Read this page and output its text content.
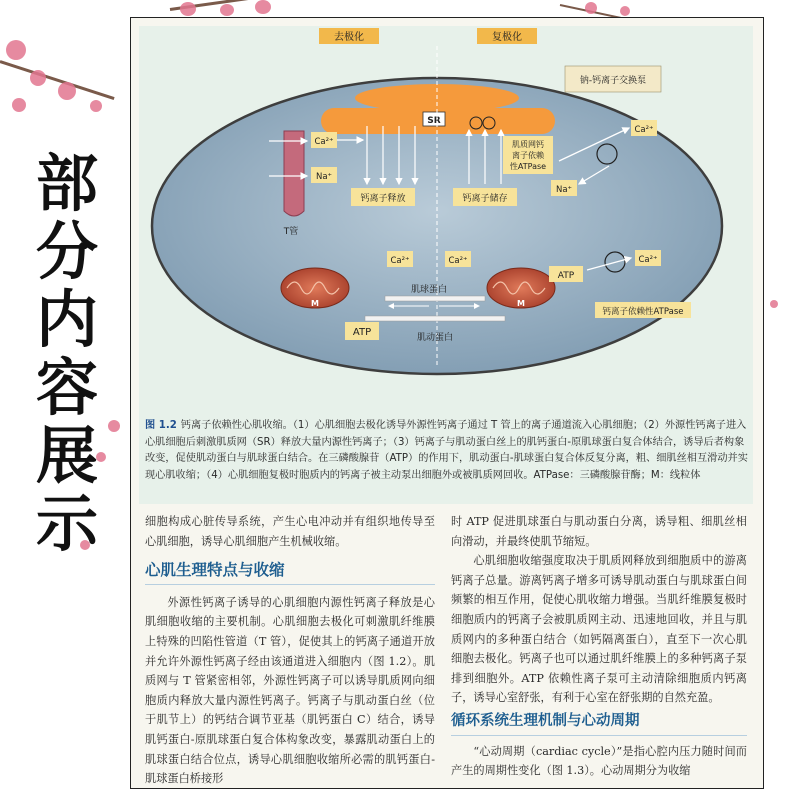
部
分
内
容
展
示
去极化	复极化
钠-钙离子交换泵
SR
T管
Ca²⁺
Na⁺
钙离子释放	钙离子储存
肌质网钙
离子依赖
性ATPase
Ca²⁺
Na⁺
Ca²⁺	Ca²⁺
肌球蛋白
肌动蛋白
M	M
ATP
ATP
Ca²⁺
钙离子依赖性ATPase
图 1.2 钙离子依赖性心肌收缩。（1）心肌细胞去极化诱导外源性钙离子通过 T 管上的离子通道流入心肌细胞；（2）外源性钙离子进入心肌细胞后刺激肌质网（SR）释放大量内源性钙离子；（3）钙离子与肌动蛋白丝上的肌钙蛋白-原肌球蛋白复合体结合，诱导后者构象改变，促使肌动蛋白与肌球蛋白结合。在三磷酸腺苷（ATP）的作用下，肌动蛋白-肌球蛋白复合体反复分离，粗、细肌丝相互滑动并实现心肌收缩；（4）心肌细胞复极时胞质内的钙离子被主动泵出细胞外或被肌质网回收。ATPase：三磷酸腺苷酶；M：线粒体

细胞构成心脏传导系统，产生心电冲动并有组织地传导至心肌细胞，诱导心肌细胞产生机械收缩。

心肌生理特点与收缩

外源性钙离子诱导的心肌细胞内源性钙离子释放是心肌细胞收缩的主要机制。心肌细胞去极化可刺激肌纤维膜上特殊的凹陷性管道（T 管），促使其上的钙离子通道开放并允许外源性钙离子经由该通道进入细胞内（图 1.2）。肌质网与 T 管紧密相邻，外源性钙离子可以诱导肌质网向细胞质内释放大量内源性钙离子。钙离子与肌动蛋白丝（位于肌节上）的钙结合调节亚基（肌钙蛋白 C）结合，诱导肌钙蛋白-原肌球蛋白复合体构象改变，暴露肌动蛋白上的肌球蛋白结合位点，诱导心肌细胞收缩所必需的肌钙蛋白-肌球蛋白桥接形

时 ATP 促进肌球蛋白与肌动蛋白分离，诱导粗、细肌丝相向滑动，并最终使肌节缩短。

心肌细胞收缩强度取决于肌质网释放到细胞质中的游离钙离子总量。游离钙离子增多可诱导肌动蛋白与肌球蛋白间频繁的相互作用，促使心肌收缩力增强。当肌纤维膜复极时细胞质内的钙离子会被肌质网主动、迅速地回收，并且与肌质网内的多种蛋白结合（如钙隔离蛋白），直至下一次心肌细胞去极化。钙离子也可以通过肌纤维膜上的多种钙离子泵排到细胞外。ATP 依赖性离子泵可主动清除细胞质内钙离子，诱导心室舒张，有利于心室在舒张期的自然充盈。

循环系统生理机制与心动周期

“心动周期（cardiac cycle）”是指心腔内压力随时间而产生的周期性变化（图 1.3）。心动周期分为收缩
